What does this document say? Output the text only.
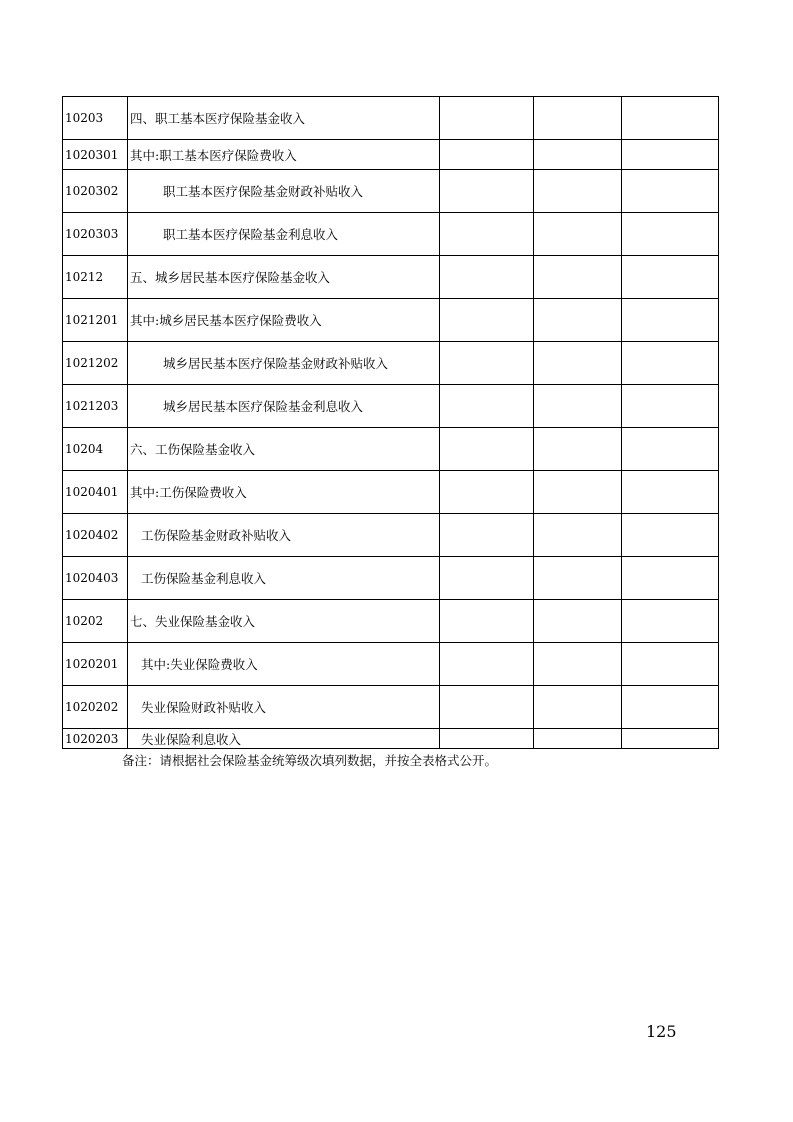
10203	四、职工基本医疗保险基金收入
1020301 其中:职工基本医疗保险费收入
1020302	职工基本医疗保险基金财政补贴收入
1020303	职工基本医疗保险基金利息收入
10212	五、城乡居民基本医疗保险基金收入
1021201 其中:城乡居民基本医疗保险费收入
1021202	城乡居民基本医疗保险基金财政补贴收入
1021203	城乡居民基本医疗保险基金利息收入
10204	六、工伤保险基金收入
1020401 其中:工伤保险费收入
1020402	工伤保险基金财政补贴收入
1020403	工伤保险基金利息收入
10202	七、失业保险基金收入
1020201	其中:失业保险费收入
1020202	失业保险财政补贴收入
1020203	失业保险利息收入
备注：请根据社会保险基金统筹级次填列数据，并按全表格式公开。
125
